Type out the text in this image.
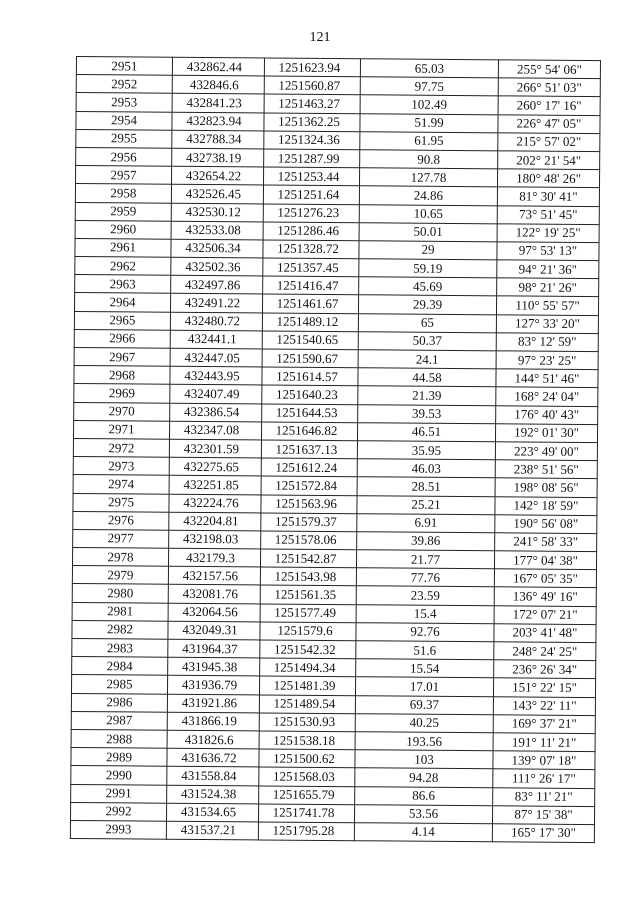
121
2951	432862.44	1251623.94	65.03	255° 54' 06"
2952	432846.6	1251560.87	97.75	266° 51' 03"
2953	432841.23	1251463.27	102.49	260° 17' 16"
2954	432823.94	1251362.25	51.99	226° 47' 05"
2955	432788.34	1251324.36	61.95	215° 57' 02"
2956	432738.19	1251287.99	90.8	202° 21' 54"
2957	432654.22	1251253.44	127.78	180° 48' 26"
2958	432526.45	1251251.64	24.86	81° 30' 41"
2959	432530.12	1251276.23	10.65	73° 51' 45"
2960	432533.08	1251286.46	50.01	122° 19' 25"
2961	432506.34	1251328.72	29	97° 53' 13"
2962	432502.36	1251357.45	59.19	94° 21' 36"
2963	432497.86	1251416.47	45.69	98° 21' 26"
2964	432491.22	1251461.67	29.39	110° 55' 57"
2965	432480.72	1251489.12	65	127° 33' 20"
2966	432441.1	1251540.65	50.37	83° 12' 59"
2967	432447.05	1251590.67	24.1	97° 23' 25"
2968	432443.95	1251614.57	44.58	144° 51' 46"
2969	432407.49	1251640.23	21.39	168° 24' 04"
2970	432386.54	1251644.53	39.53	176° 40' 43"
2971	432347.08	1251646.82	46.51	192° 01' 30"
2972	432301.59	1251637.13	35.95	223° 49' 00"
2973	432275.65	1251612.24	46.03	238° 51' 56"
2974	432251.85	1251572.84	28.51	198° 08' 56"
2975	432224.76	1251563.96	25.21	142° 18' 59"
2976	432204.81	1251579.37	6.91	190° 56' 08"
2977	432198.03	1251578.06	39.86	241° 58' 33"
2978	432179.3	1251542.87	21.77	177° 04' 38"
2979	432157.56	1251543.98	77.76	167° 05' 35"
2980	432081.76	1251561.35	23.59	136° 49' 16"
2981	432064.56	1251577.49	15.4	172° 07' 21"
2982	432049.31	1251579.6	92.76	203° 41' 48"
2983	431964.37	1251542.32	51.6	248° 24' 25"
2984	431945.38	1251494.34	15.54	236° 26' 34"
2985	431936.79	1251481.39	17.01	151° 22' 15"
2986	431921.86	1251489.54	69.37	143° 22' 11"
2987	431866.19	1251530.93	40.25	169° 37' 21"
2988	431826.6	1251538.18	193.56	191° 11' 21"
2989	431636.72	1251500.62	103	139° 07' 18"
2990	431558.84	1251568.03	94.28	111° 26' 17"
2991	431524.38	1251655.79	86.6	83° 11' 21"
2992	431534.65	1251741.78	53.56	87° 15' 38"
2993	431537.21	1251795.28	4.14	165° 17' 30"
